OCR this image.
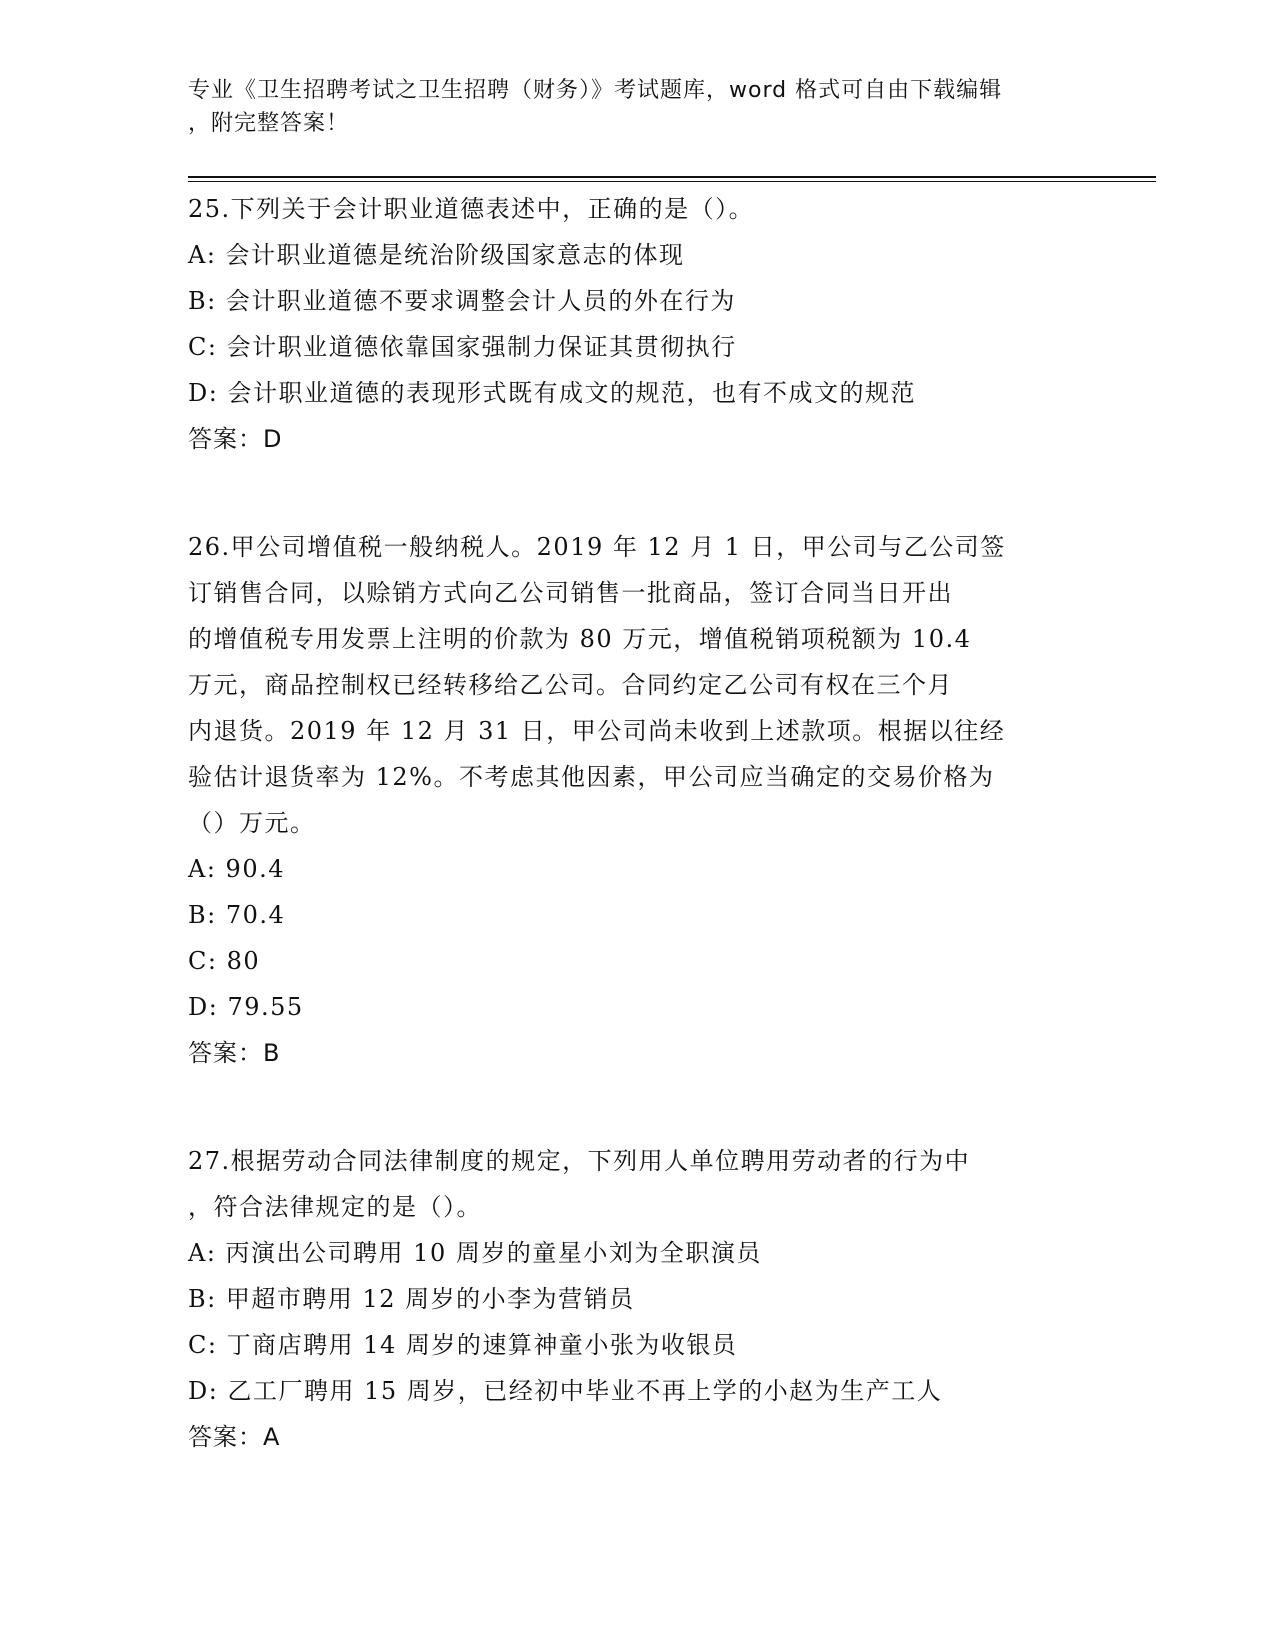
专业《卫生招聘考试之卫生招聘（财务）》考试题库，word 格式可自由下载编辑
，附完整答案！
25.下列关于会计职业道德表述中，正确的是（）。
A: 会计职业道德是统治阶级国家意志的体现
B: 会计职业道德不要求调整会计人员的外在行为
C: 会计职业道德依靠国家强制力保证其贯彻执行
D: 会计职业道德的表现形式既有成文的规范，也有不成文的规范
答案：D
26.甲公司增值税一般纳税人。2019 年 12 月 1 日，甲公司与乙公司签
订销售合同，以赊销方式向乙公司销售一批商品，签订合同当日开出
的增值税专用发票上注明的价款为 80 万元，增值税销项税额为 10.4
万元，商品控制权已经转移给乙公司。合同约定乙公司有权在三个月
内退货。2019 年 12 月 31 日，甲公司尚未收到上述款项。根据以往经
验估计退货率为 12%。不考虑其他因素，甲公司应当确定的交易价格为
（）万元。
A: 90.4
B: 70.4
C: 80
D: 79.55
答案：B
27.根据劳动合同法律制度的规定，下列用人单位聘用劳动者的行为中
，符合法律规定的是（）。
A: 丙演出公司聘用 10 周岁的童星小刘为全职演员
B: 甲超市聘用 12 周岁的小李为营销员
C: 丁商店聘用 14 周岁的速算神童小张为收银员
D: 乙工厂聘用 15 周岁，已经初中毕业不再上学的小赵为生产工人
答案：A
